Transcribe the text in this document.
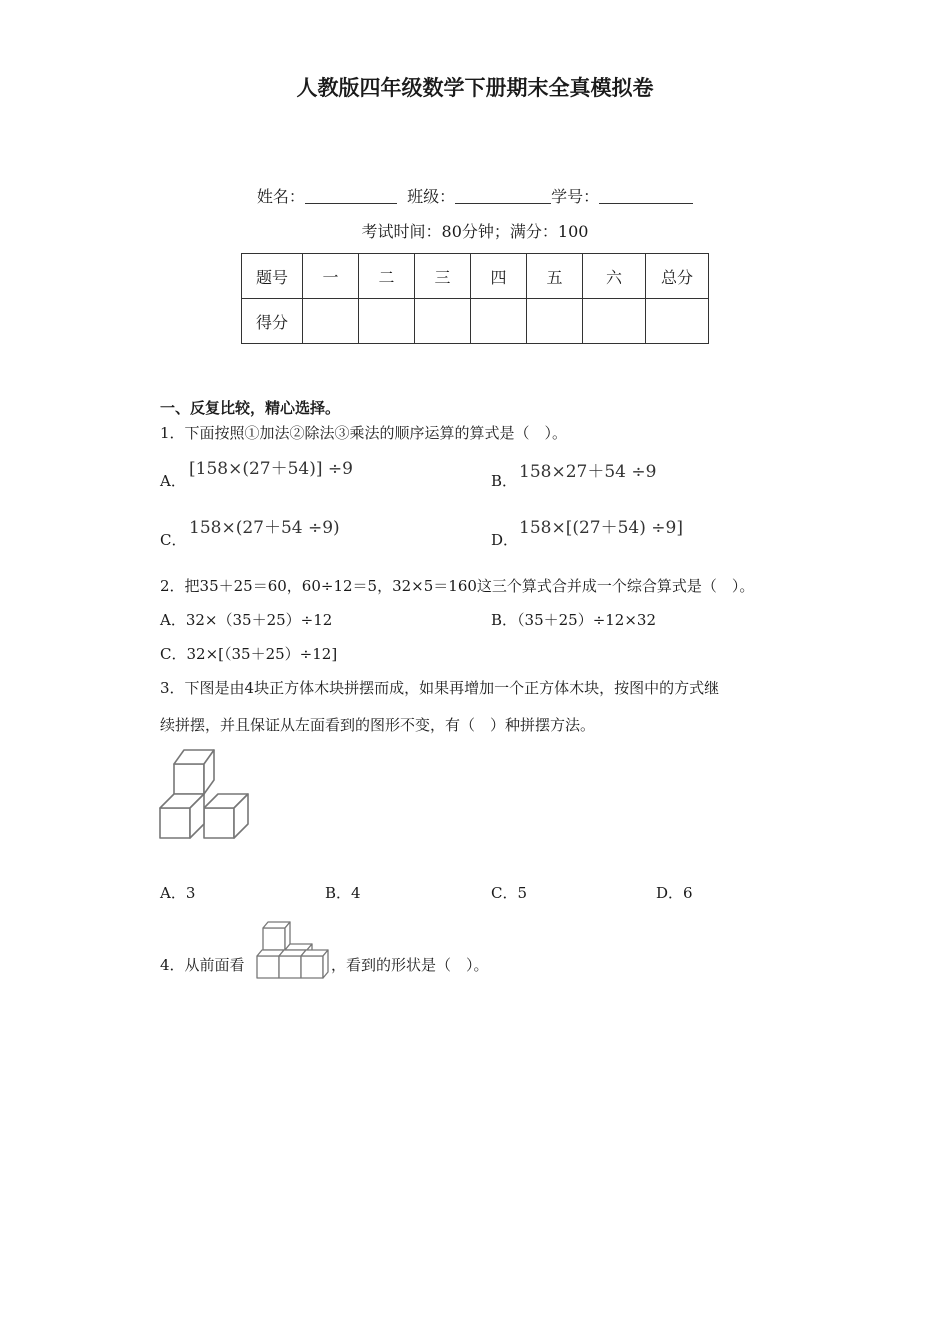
人教版四年级数学下册期末全真模拟卷
姓名：	班级：	学号：
考试时间：80分钟；满分：100
题号	一	二	三	四	五	六	总分
得分							
一、反复比较，精心选择。
1．下面按照①加法②除法③乘法的顺序运算的算式是（　）。
A．
[158×(27＋54)] ÷9
B． 158×27＋54 ÷9
C．
158×(27＋54 ÷9)
D．
158×[(27＋54) ÷9]
2．把35＋25＝60，60÷12＝5，32×5＝160这三个算式合并成一个综合算式是（　）。
A．32×（35＋25）÷12	B．（35＋25）÷12×32
C．32×[（35＋25）÷12]
3．下图是由4块正方体木块拼摆而成，如果再增加一个正方体木块，按图中的方式继
续拼摆，并且保证从左面看到的图形不变，有（　）种拼摆方法。
A．3	B．4	C．5	D．6
4．从前面看	，看到的形状是（　）。
